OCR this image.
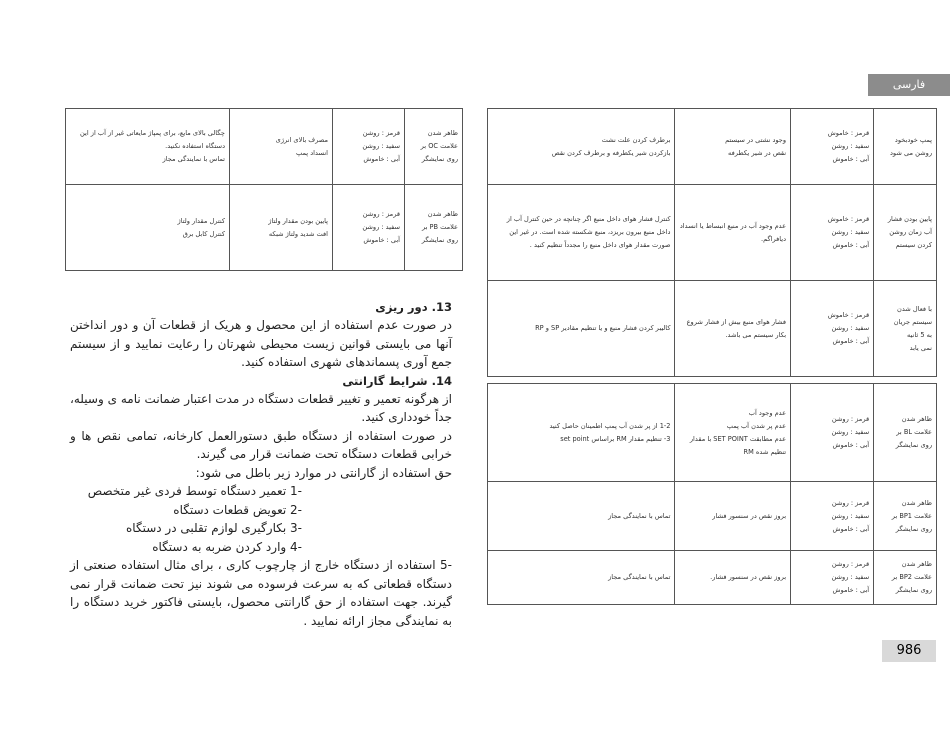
فارسی
986
ظاهر شدن
علامت OC بر
روی نمایشگر	قرمز : روشن
سفید : روشن
آبی : خاموش	مصرف بالای انرژی
انسداد پمپ	چگالی بالای مایع، برای پمپاژ مایعاتی غیر از آب از این دستگاه استفاده نکنید.
تماس با نمایندگی مجاز

ظاهر شدن
علامت PB بر
روی نمایشگر	قرمز : روشن
سفید : روشن
آبی : خاموش	پایین بودن مقدار ولتاژ
افت شدید ولتاژ شبکه	کنترل مقدار ولتاژ
کنترل کابل برق
پمپ خودبخود
روشن می شود	قرمز : خاموش
سفید : روشن
آبی : خاموش	وجود نشتی در سیستم
نقص در شیر یکطرفه	برطرف کردن علت نشت
بازکردن شیر یکطرفه و برطرف کردن نقص

پایین بودن فشار
آب زمان روشن
کردن سیستم	قرمز : خاموش
سفید : روشن
آبی : خاموش	عدم وجود آب در منبع انبساط یا انسداد دیافراگم.	کنترل فشار هوای داخل منبع اگر چنانچه در حین کنترل آب از داخل منبع بیرون بریزد، منبع شکسته شده است. در غیر این صورت مقدار هوای داخل منبع را مجدداً تنظیم کنید .

با فعال شدن
سیستم جریان
به 5 ثانیه
نمی یابد	قرمز : خاموش
سفید : روشن
آبی : خاموش	فشار هوای منبع بیش از فشار شروع بکار سیستم می باشد.	کالیبر کردن فشار منبع و یا تنظیم مقادیر SP و RP
ظاهر شدن
علامت BL بر
روی نمایشگر	قرمز : روشن
سفید : روشن
آبی : خاموش	عدم وجود آب
عدم پر شدن آب پمپ
عدم مطابقت SET POINT با مقدار تنظیم شده RM	1-2 از پر شدن آب پمپ اطمینان حاصل کنید
3- تنظیم مقدار RM براساس set point

ظاهر شدن
علامت BP1 بر
روی نمایشگر	قرمز : روشن
سفید : روشن
آبی : خاموش	بروز نقص در سنسور فشار	تماس با نمایندگی مجاز

ظاهر شدن
علامت BP2 بر
روی نمایشگر	قرمز : روشن
سفید : روشن
آبی : خاموش	بروز نقص در سنسور فشار.	تماس با نمایندگی مجاز
13. دور ریزی

در صورت عدم استفاده از این محصول و هریک از قطعات آن و دور انداختن آنها می بایستی قوانین زیست محیطی شهرتان را رعایت نمایید و از سیستم جمع آوری پسماندهای شهری استفاده کنید.

14. شرایط گارانتی

از هرگونه تعمیر و تغییر قطعات دستگاه در مدت اعتبار ضمانت نامه ی وسیله، جداً خودداری کنید.

در صورت استفاده از دستگاه طبق دستورالعمل کارخانه، تمامی نقص ها و خرابی قطعات دستگاه تحت ضمانت قرار می گیرند.

حق استفاده از گارانتی در موارد زیر باطل می شود:

-1 تعمیر دستگاه توسط فردی غیر متخصص
-2 تعویض قطعات دستگاه
-3 بکارگیری لوازم تقلبی در دستگاه
-4 وارد کردن ضربه به دستگاه

-5 استفاده از دستگاه خارج از چارچوب کاری ، برای مثال استفاده صنعتی از دستگاه قطعاتی که به سرعت فرسوده می شوند نیز تحت ضمانت قرار نمی گیرند. جهت استفاده از حق گارانتی محصول، بایستی فاکتور خرید دستگاه را به نمایندگی مجاز ارائه نمایید .
